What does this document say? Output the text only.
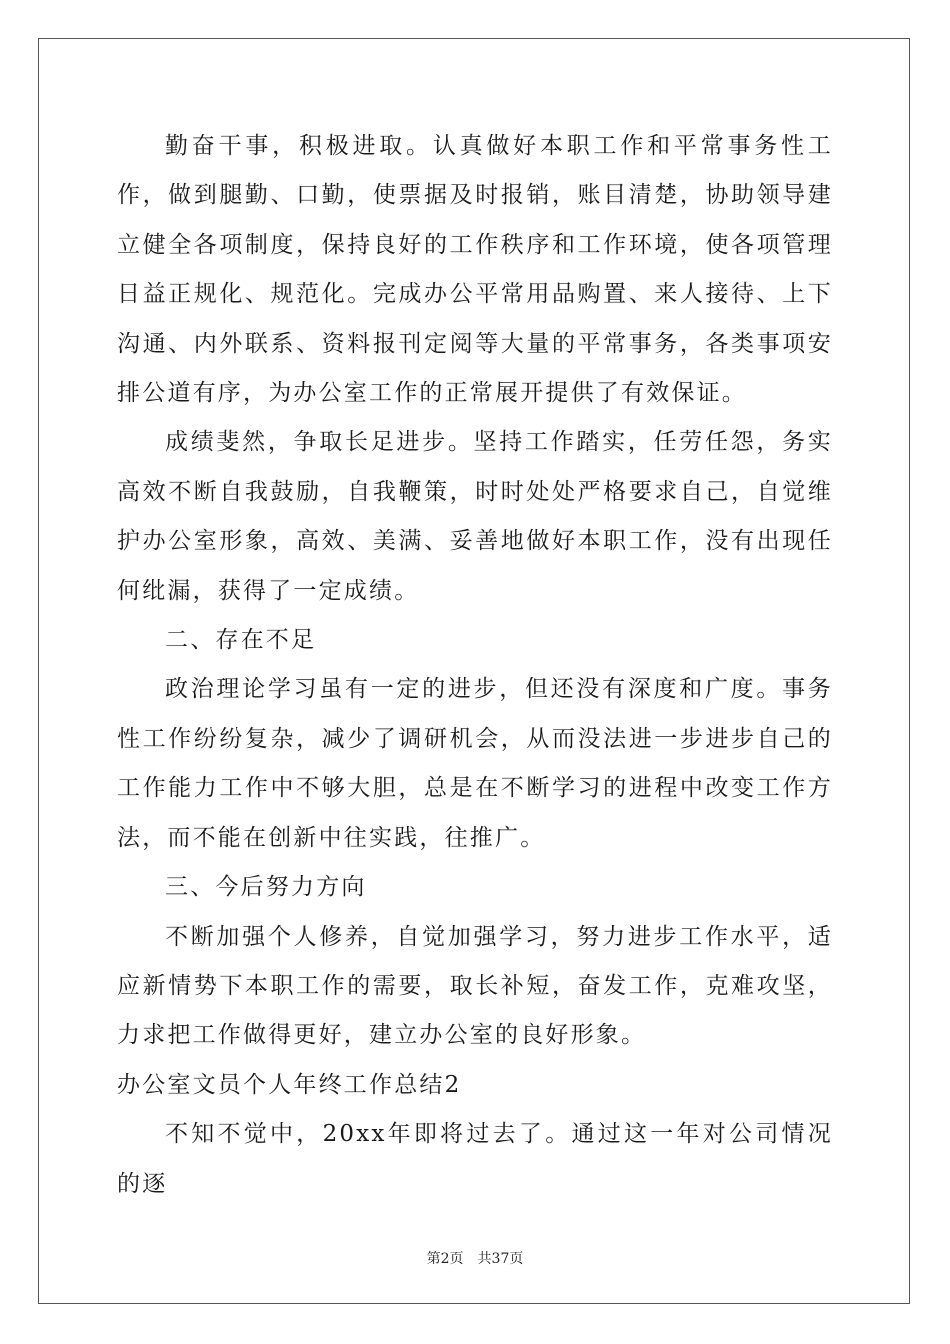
勤奋干事，积极进取。认真做好本职工作和平常事务性工作，做到腿勤、口勤，使票据及时报销，账目清楚，协助领导建立健全各项制度，保持良好的工作秩序和工作环境，使各项管理日益正规化、规范化。完成办公平常用品购置、来人接待、上下沟通、内外联系、资料报刊定阅等大量的平常事务，各类事项安排公道有序，为办公室工作的正常展开提供了有效保证。

成绩斐然，争取长足进步。坚持工作踏实，任劳任怨，务实高效不断自我鼓励，自我鞭策，时时处处严格要求自己，自觉维护办公室形象，高效、美满、妥善地做好本职工作，没有出现任何纰漏，获得了一定成绩。

二、存在不足

政治理论学习虽有一定的进步，但还没有深度和广度。事务性工作纷纷复杂，减少了调研机会，从而没法进一步进步自己的工作能力工作中不够大胆，总是在不断学习的进程中改变工作方法，而不能在创新中往实践，往推广。

三、今后努力方向

不断加强个人修养，自觉加强学习，努力进步工作水平，适应新情势下本职工作的需要，取长补短，奋发工作，克难攻坚，力求把工作做得更好，建立办公室的良好形象。

办公室文员个人年终工作总结2

不知不觉中，20xx年即将过去了。通过这一年对公司情况的逐

第2页　共37页
